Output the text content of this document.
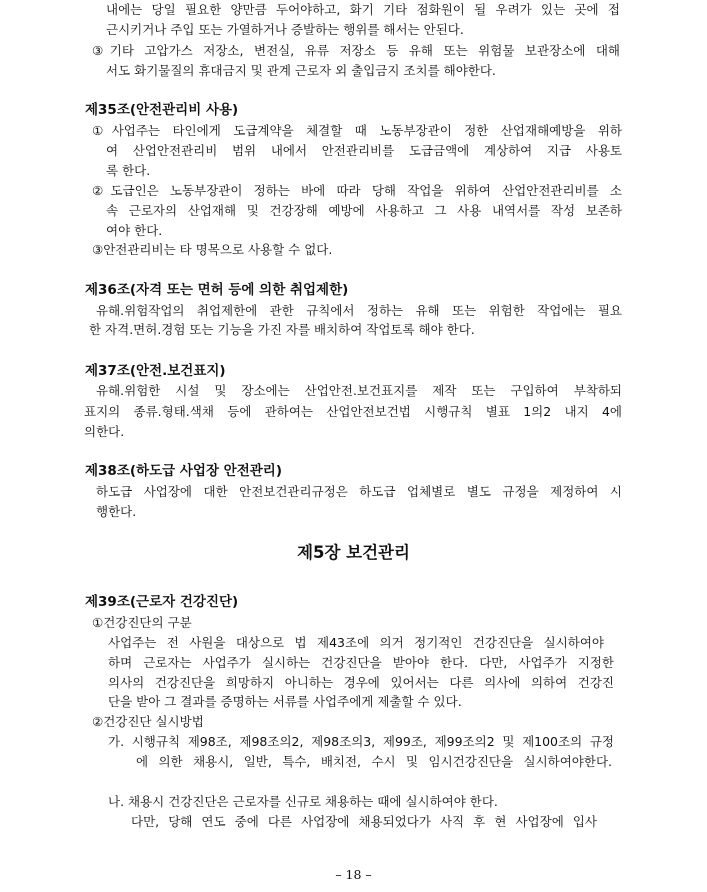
내에는 당일 필요한 양만큼 두어야하고, 화기 기타 점화원이 될 우려가 있는 곳에 접
근시키거나 주입 또는 가열하거나 증발하는 행위를 해서는 안된다.
③기타 고압가스 저장소, 변전실, 유류 저장소 등 유해 또는 위험물 보관장소에 대해
서도 화기물질의 휴대금지 및 관계 근로자 외 출입금지 조치를 해야한다.
제35조(안전관리비 사용)
①사업주는 타인에게 도급계약을 체결할 때 노동부장관이 정한 산업재해예방을 위하
여 산업안전관리비 범위 내에서 안전관리비를 도급금액에 계상하여 지급 사용토
록 한다.
②도급인은 노동부장관이 정하는 바에 따라 당해 작업을 위하여 산업안전관리비를 소
속 근로자의 산업재해 및 건강장해 예방에 사용하고 그 사용 내역서를 작성 보존하
여야 한다.
③안전관리비는 타 명목으로 사용할 수 없다.
제36조(자격 또는 면허 등에 의한 취업제한)
유해.위험작업의 취업제한에 관한 규칙에서 정하는 유해 또는 위험한 작업에는 필요
한 자격.면허.경험 또는 기능을 가진 자를 배치하여 작업토록 해야 한다.
제37조(안전.보건표지)
유해.위험한 시설 및 장소에는 산업안전.보건표지를 제작 또는 구입하여 부착하되
표지의 종류.형태.색채 등에 관하여는 산업안전보건법 시행규칙 별표 1의2 내지 4에
의한다.
제38조(하도급 사업장 안전관리)
하도급 사업장에 대한 안전보건관리규정은 하도급 업체별로 별도 규정을 제정하여 시
행한다.
제5장 보건관리
제39조(근로자 건강진단)
①건강진단의 구분
사업주는 전 사원을 대상으로 법 제43조에 의거 정기적인 건강진단을 실시하여야
하며 근로자는 사업주가 실시하는 건강진단을 받아야 한다. 다만, 사업주가 지정한
의사의 건강진단을 희망하지 아니하는 경우에 있어서는 다른 의사에 의하여 건강진
단을 받아 그 결과를 증명하는 서류를 사업주에게 제출할 수 있다.
②건강진단 실시방법
가. 시행규칙 제98조, 제98조의2, 제98조의3, 제99조, 제99조의2 및 제100조의 규정
에 의한 채용시, 일반, 특수, 배치전, 수시 및 임시건강진단을 실시하여야한다.
나. 채용시 건강진단은 근로자를 신규로 채용하는 때에 실시하여야 한다.
다만, 당해 연도 중에 다른 사업장에 채용되었다가 사직 후 현 사업장에 입사
– 18 –
